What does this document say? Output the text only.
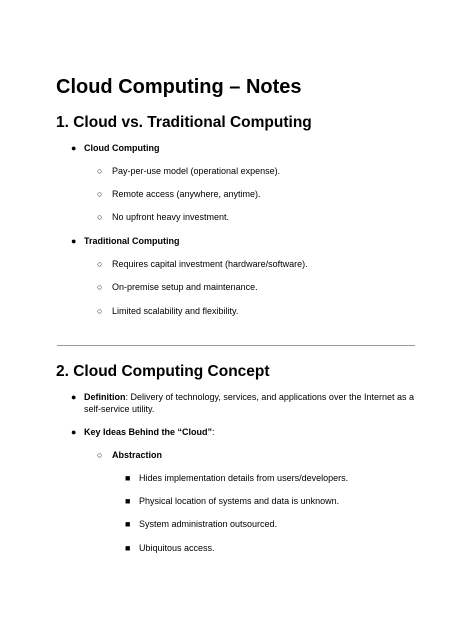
Cloud Computing – Notes
1. Cloud vs. Traditional Computing
● Cloud Computing
○ Pay-per-use model (operational expense).
○ Remote access (anywhere, anytime).
○ No upfront heavy investment.
● Traditional Computing
○ Requires capital investment (hardware/software).
○ On-premise setup and maintenance.
○ Limited scalability and flexibility.
2. Cloud Computing Concept
● Definition: Delivery of technology, services, and applications over the Internet as a
self-service utility.
● Key Ideas Behind the “Cloud”:
○ Abstraction
■ Hides implementation details from users/developers.
■ Physical location of systems and data is unknown.
■ System administration outsourced.
■ Ubiquitous access.
